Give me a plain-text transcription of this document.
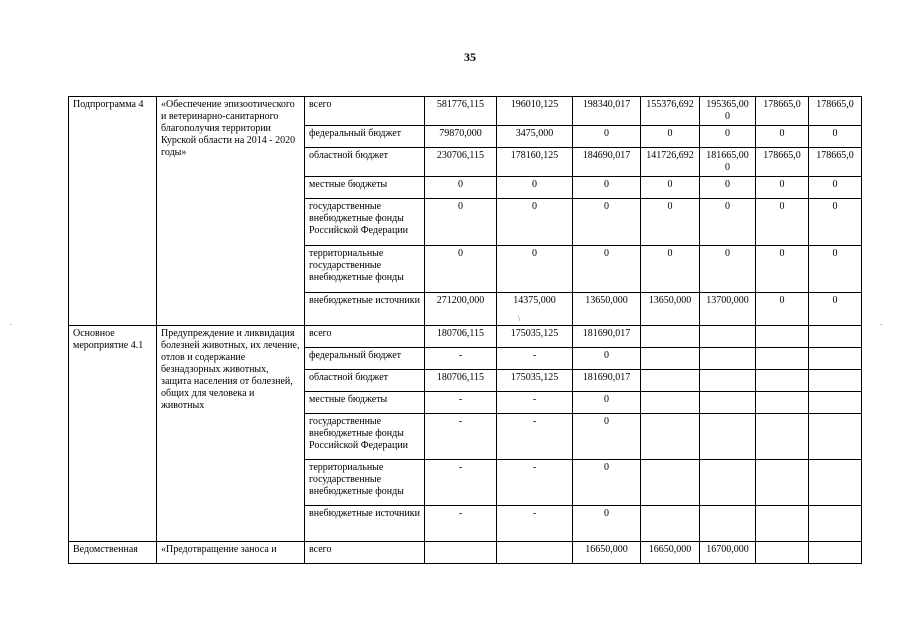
35
Подпрограмма 4	«Обеспечение эпизоотического и ветеринарно-санитарного благополучия территории Курской области на 2014 - 2020 годы»	всего	581776,115	196010,125	198340,017	155376,692	195365,00 0	178665,0	178665,0
		федеральный бюджет	79870,000	3475,000	0	0	0	0	0
		областной бюджет	230706,115	178160,125	184690,017	141726,692	181665,00 0	178665,0	178665,0
		местные бюджеты	0	0	0	0	0	0	0
		государственные внебюджетные фонды Российской Федерации	0	0	0	0	0	0	0
		территориальные государственные внебюджетные фонды	0	0	0	0	0	0	0
		внебюджетные источники	271200,000	14375,000	13650,000	13650,000	13700,000	0	0
Основное мероприятие 4.1	Предупреждение и ликвидация болезней животных, их лечение, отлов и содержание безнадзорных животных, защита населения от болезней, общих для человека и животных	всего	180706,115	175035,125	181690,017				
		федеральный бюджет	-	-	0				
		областной бюджет	180706,115	175035,125	181690,017				
		местные бюджеты	-	-	0				
		государственные внебюджетные фонды Российской Федерации	-	-	0				
		территориальные государственные внебюджетные фонды	-	-	0				
		внебюджетные источники	-	-	0				
Ведомственная	«Предотвращение заноса и	всего			16650,000	16650,000	16700,000		
.	\	.
